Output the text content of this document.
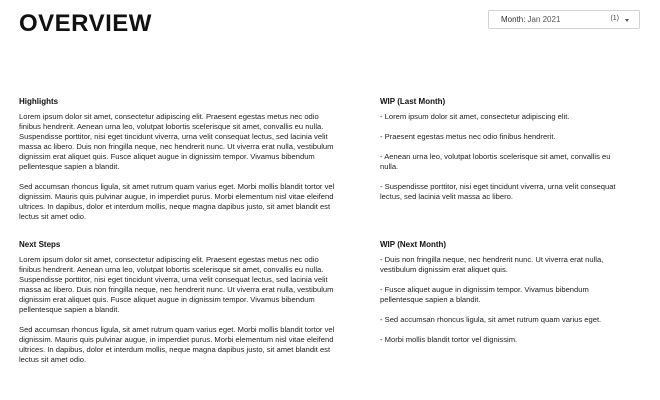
OVERVIEW	Month: Jan 2021	(1)
Highlights

Lorem ipsum dolor sit amet, consectetur adipiscing elit. Praesent egestas metus nec odio finibus hendrerit. Aenean urna leo, volutpat lobortis scelerisque sit amet, convallis eu nulla. Suspendisse porttitor, nisi eget tincidunt viverra, urna velit consequat lectus, sed lacinia velit massa ac libero. Duis non fringilla neque, nec hendrerit nunc. Ut viverra erat nulla, vestibulum dignissim erat aliquet quis. Fusce aliquet augue in dignissim tempor. Vivamus bibendum pellentesque sapien a blandit.

Sed accumsan rhoncus ligula, sit amet rutrum quam varius eget. Morbi mollis blandit tortor vel dignissim. Mauris quis pulvinar augue, in imperdiet purus. Morbi elementum nisl vitae eleifend ultrices. In dapibus, dolor et interdum mollis, neque magna dapibus justo, sit amet blandit est lectus sit amet odio.

Next Steps

Lorem ipsum dolor sit amet, consectetur adipiscing elit. Praesent egestas metus nec odio finibus hendrerit. Aenean urna leo, volutpat lobortis scelerisque sit amet, convallis eu nulla. Suspendisse porttitor, nisi eget tincidunt viverra, urna velit consequat lectus, sed lacinia velit massa ac libero. Duis non fringilla neque, nec hendrerit nunc. Ut viverra erat nulla, vestibulum dignissim erat aliquet quis. Fusce aliquet augue in dignissim tempor. Vivamus bibendum pellentesque sapien a blandit.

Sed accumsan rhoncus ligula, sit amet rutrum quam varius eget. Morbi mollis blandit tortor vel dignissim. Mauris quis pulvinar augue, in imperdiet purus. Morbi elementum nisl vitae eleifend ultrices. In dapibus, dolor et interdum mollis, neque magna dapibus justo, sit amet blandit est lectus sit amet odio.

WIP (Last Month)
- Lorem ipsum dolor sit amet, consectetur adipiscing elit.
- Praesent egestas metus nec odio finibus hendrerit.
- Aenean urna leo, volutpat lobortis scelerisque sit amet, convallis eu nulla.
- Suspendisse porttitor, nisi eget tincidunt viverra, urna velit consequat lectus, sed lacinia velit massa ac libero.
WIP (Next Month)
- Duis non fringilla neque, nec hendrerit nunc. Ut viverra erat nulla, vestibulum dignissim erat aliquet quis.
- Fusce aliquet augue in dignissim tempor. Vivamus bibendum pellentesque sapien a blandit.
- Sed accumsan rhoncus ligula, sit amet rutrum quam varius eget.
- Morbi mollis blandit tortor vel dignissim.
